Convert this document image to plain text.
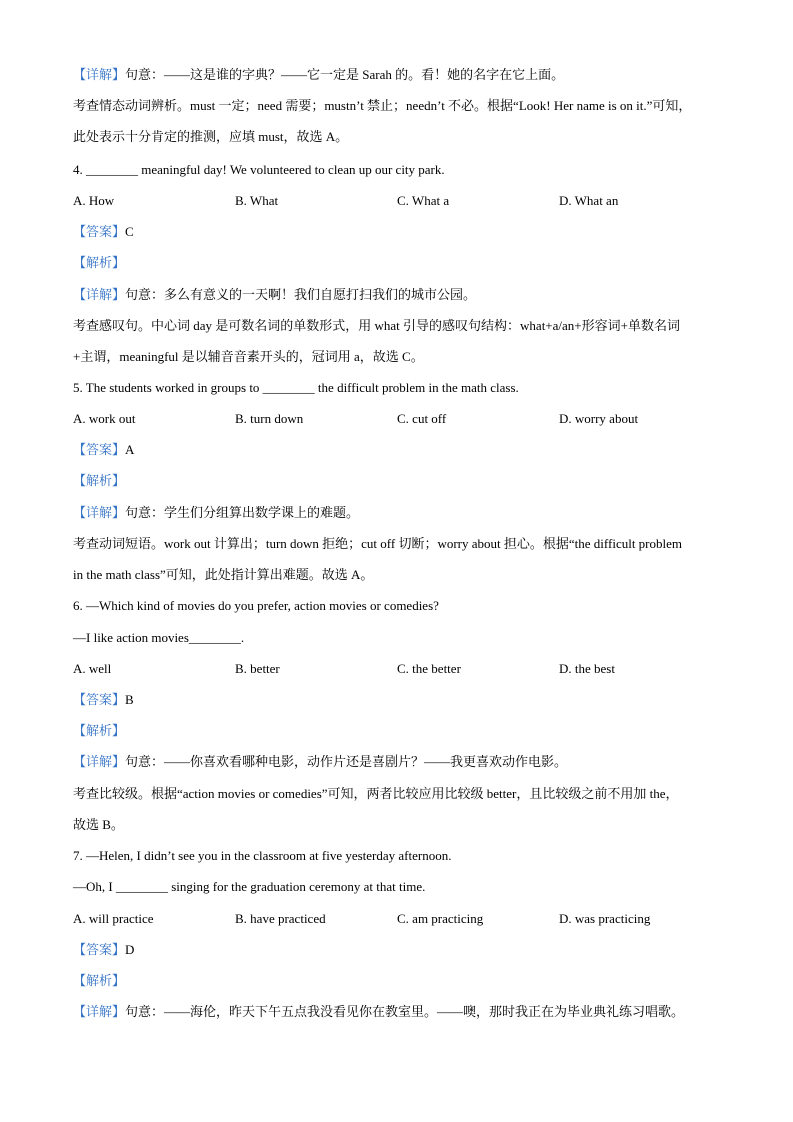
【详解】句意：——这是谁的字典？——它一定是 Sarah 的。看！她的名字在它上面。
考查情态动词辨析。must 一定；need 需要；mustn’t 禁止；needn’t 不必。根据“Look! Her name is on it.”可知，
此处表示十分肯定的推测，应填 must，故选 A。
4. ________ meaningful day! We volunteered to clean up our city park.
A. How	B. What	C. What a	D. What an
【答案】C
【解析】
【详解】句意：多么有意义的一天啊！我们自愿打扫我们的城市公园。
考查感叹句。中心词 day 是可数名词的单数形式，用 what 引导的感叹句结构：what+a/an+形容词+单数名词
+主谓，meaningful 是以辅音音素开头的，冠词用 a，故选 C。
5. The students worked in groups to ________ the difficult problem in the math class.
A. work out	B. turn down	C. cut off	D. worry about
【答案】A
【解析】
【详解】句意：学生们分组算出数学课上的难题。
考查动词短语。work out 计算出；turn down 拒绝；cut off 切断；worry about 担心。根据“the difficult problem
in the math class”可知，此处指计算出难题。故选 A。
6. —Which kind of movies do you prefer, action movies or comedies?
—I like action movies________.
A. well	B. better	C. the better	D. the best
【答案】B
【解析】
【详解】句意：——你喜欢看哪种电影，动作片还是喜剧片？——我更喜欢动作电影。
考查比较级。根据“action movies or comedies”可知，两者比较应用比较级 better，且比较级之前不用加 the，
故选 B。
7. —Helen, I didn’t see you in the classroom at five yesterday afternoon.
—Oh, I ________ singing for the graduation ceremony at that time.
A. will practice	B. have practiced	C. am practicing	D. was practicing
【答案】D
【解析】
【详解】句意：——海伦，昨天下午五点我没看见你在教室里。——噢，那时我正在为毕业典礼练习唱歌。
